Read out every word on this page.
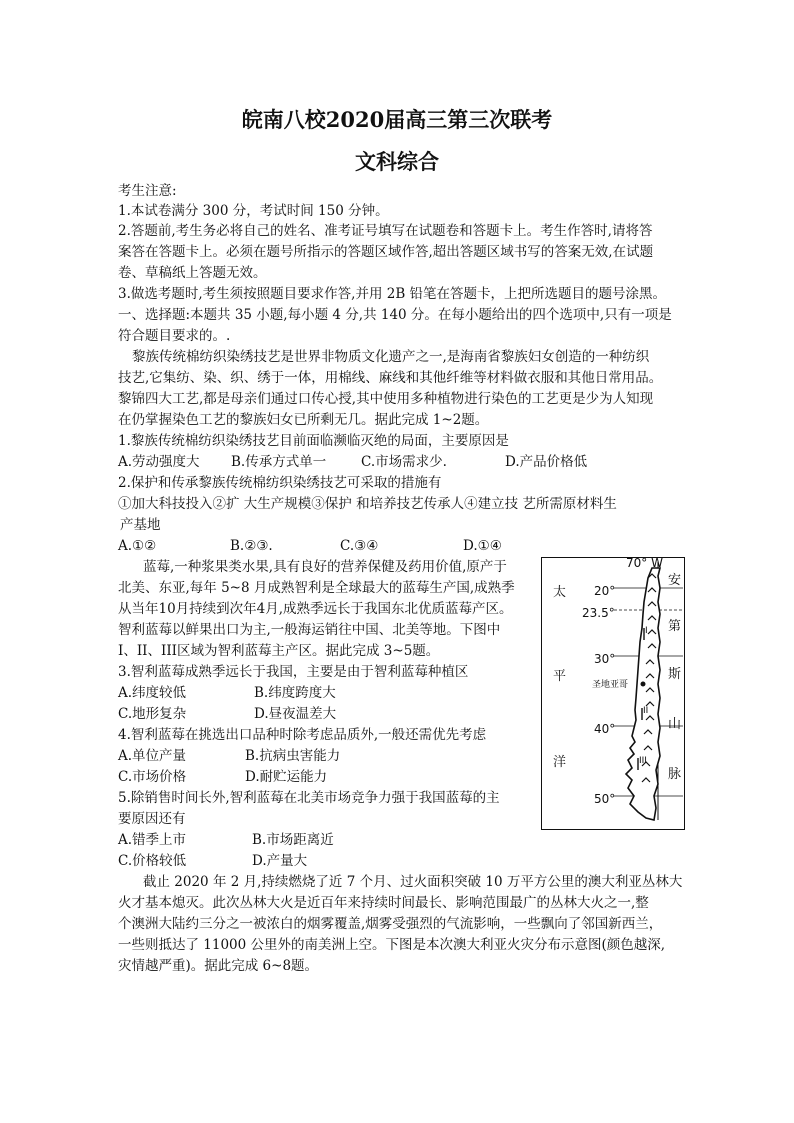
皖南八校2020届高三第三次联考
文科综合
考生注意:
1.本试卷满分 300 分，考试时间 150 分钟。
2.答题前,考生务必将自己的姓名、准考证号填写在试题卷和答题卡上。考生作答时,请将答
案答在答题卡上。必须在题号所指示的答题区域作答,超出答题区域书写的答案无效,在试题
卷、草稿纸上答题无效。
3.做选考题时,考生须按照题目要求作答,并用 2B 铅笔在答题卡，上把所选题目的题号涂黑。
一、选择题:本题共 35 小题,每小题 4 分,共 140 分。在每小题给出的四个选项中,只有一项是
符合题目要求的。.
黎族传统棉纺织染绣技艺是世界非物质文化遗产之一,是海南省黎族妇女创造的一种纺织
技艺,它集纺、染、织、绣于一体，用棉线、麻线和其他纤维等材料做衣服和其他日常用品。
黎锦四大工艺,都是母亲们通过口传心授,其中使用多种植物进行染色的工艺更是少为人知现
在仍掌握染色工艺的黎族妇女已所剩无几。据此完成 1~2题。
1.黎族传统棉纺织染绣技艺目前面临濒临灭绝的局面，主要原因是
A.劳动强度大 B.传承方式单一	C.市场需求少.	D.产品价格低
2.保护和传承黎族传统棉纺织染绣技艺可采取的措施有
①加大科技投入②扩 大生产规模③保护 和培养技艺传承人④建立技 艺所需原材料生
产基地
A.①②	B.②③.	C.③④	D.①④
蓝莓,一种浆果类水果,具有良好的营养保健及药用价值,原产于
北美、东亚,每年 5~8 月成熟智利是全球最大的蓝莓生产国,成熟季
从当年10月持续到次年4月,成熟季远长于我国东北优质蓝莓产区。
智利蓝莓以鲜果出口为主,一般海运销往中国、北美等地。下图中
I、II、III区域为智利蓝莓主产区。据此完成 3~5题。
3.智利蓝莓成熟季远长于我国，主要是由于智利蓝莓种植区
A.纬度较低	B.纬度跨度大
C.地形复杂	D.昼夜温差大
4.智利蓝莓在挑选出口品种时除考虑品质外,一般还需优先考虑
A.单位产量	B.抗病虫害能力
C.市场价格	D.耐贮运能力
5.除销售时间长外,智利蓝莓在北美市场竞争力强于我国蓝莓的主
要原因还有
A.错季上市	B.市场距离近
C.价格较低	D.产量大
截止 2020 年 2 月,持续燃烧了近 7 个月、过火面积突破 10 万平方公里的澳大利亚丛林大
火才基本熄灭。此次丛林大火是近百年来持续时间最长、影响范围最广的丛林大火之一,整
个澳洲大陆约三分之一被浓白的烟雾覆盖,烟雾受强烈的气流影响，一些飘向了邻国新西兰，
一些则抵达了 11000 公里外的南美洲上空。下图是本次澳大利亚火灾分布示意图(颜色越深,
灾情越严重)。据此完成 6~8题。
70° W
20°
23.5°
30°
40°
50°
太
平
洋
安
第
斯
山
脉
圣地亚哥
I
II
III
